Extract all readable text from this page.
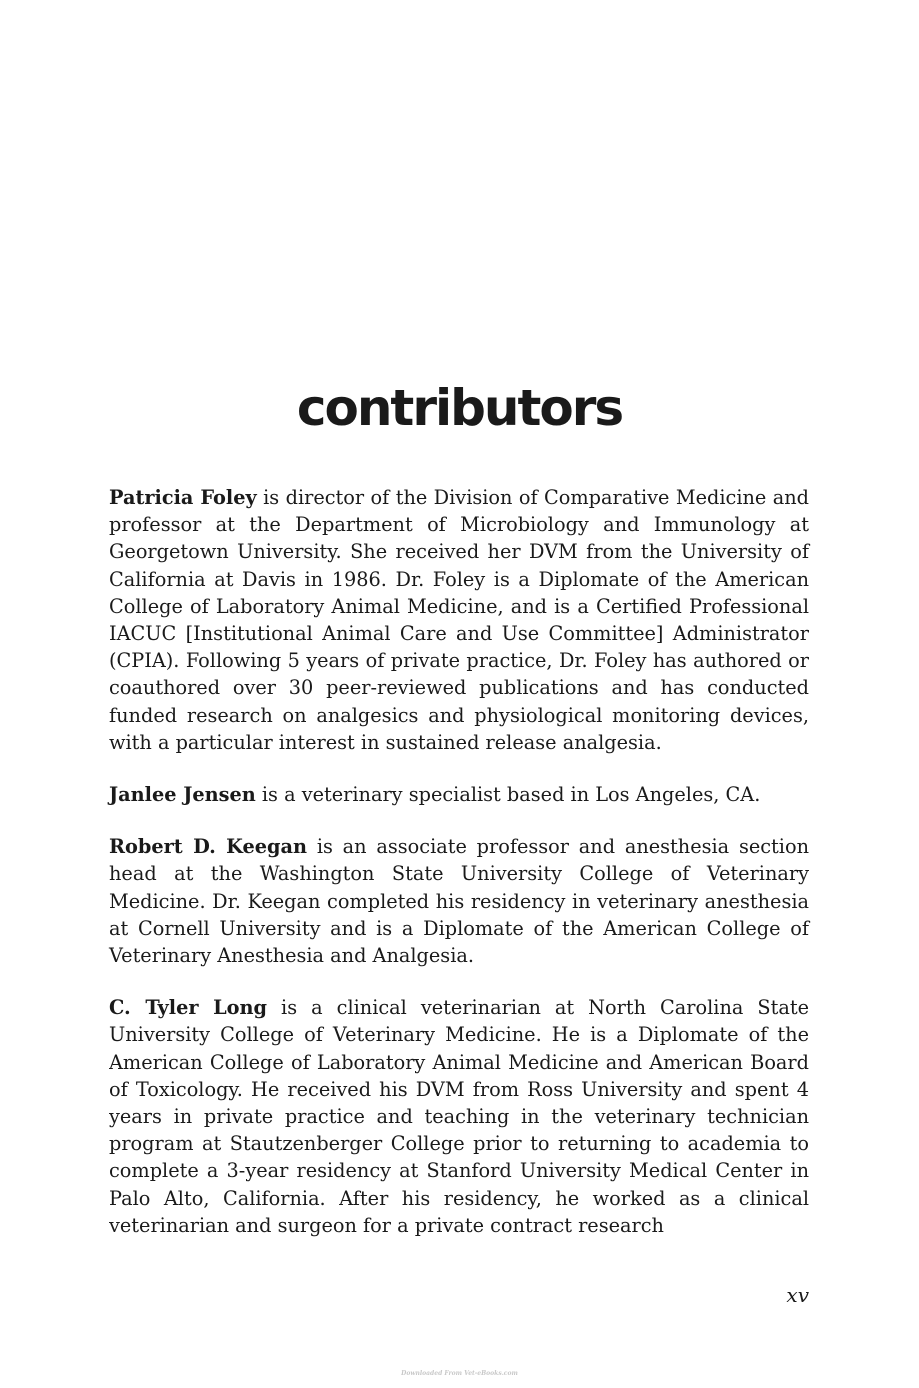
contributors

Patricia Foley is director of the Division of Comparative Medicine and professor at the Department of Microbiology and Immunology at Georgetown University. She received her DVM from the University of California at Davis in 1986. Dr. Foley is a Diplomate of the American College of Laboratory Animal Medicine, and is a Certified Professional IACUC [Institutional Animal Care and Use Committee] Administrator (CPIA). Following 5 years of private practice, Dr. Foley has authored or coauthored over 30 peer-reviewed publications and has conducted funded research on analgesics and physiological monitoring devices, with a particular interest in sustained release analgesia.

Janlee Jensen is a veterinary specialist based in Los Angeles, CA.

Robert D. Keegan is an associate professor and anesthesia section head at the Washington State University College of Veterinary Medicine. Dr. Keegan completed his residency in veterinary anesthesia at Cornell University and is a Diplomate of the American College of Veterinary Anesthesia and Analgesia.

C. Tyler Long is a clinical veterinarian at North Carolina State University College of Veterinary Medicine. He is a Diplomate of the American College of Laboratory Animal Medicine and American Board of Toxicology. He received his DVM from Ross University and spent 4 years in private practice and teaching in the veterinary technician program at Stautzenberger College prior to returning to academia to complete a 3-year residency at Stanford University Medical Center in Palo Alto, California. After his residency, he worked as a clinical veterinarian and surgeon for a private contract research

xv
Downloaded From Vet-eBooks.com
